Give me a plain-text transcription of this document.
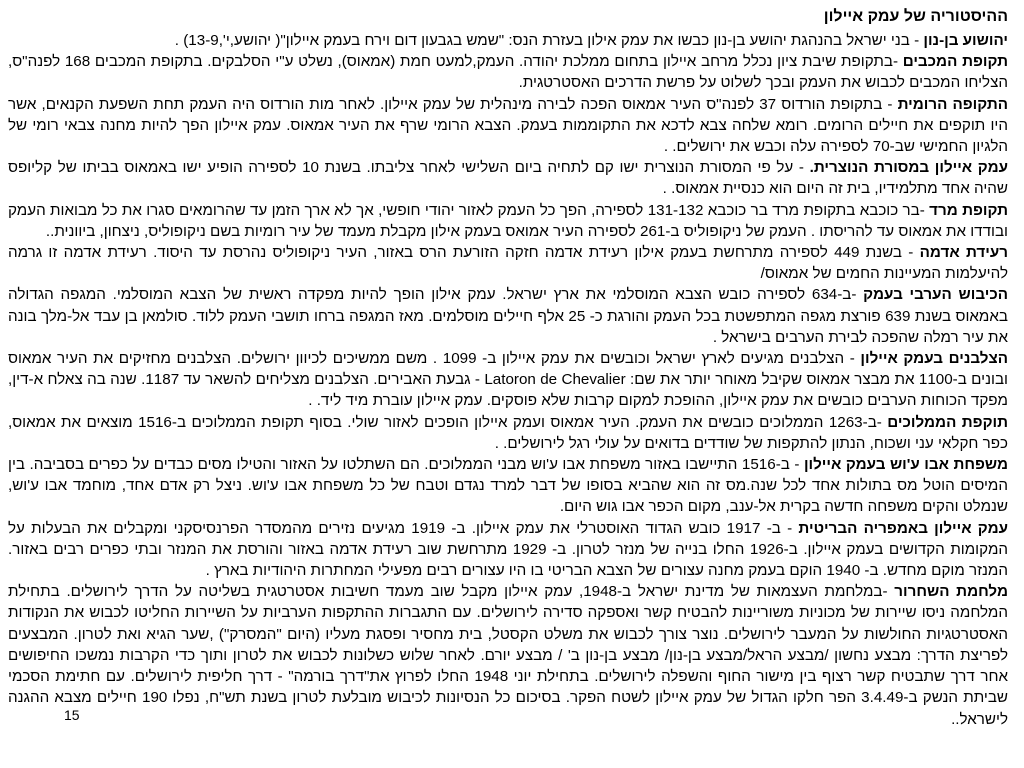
ההיסטוריה של עמק איילון

יהושוע בן-נון - בני ישראל בהנהגת יהושע בן-נון כבשו את עמק אילון בעזרת הנס: "שמש בגבעון דום וירח בעמק איילון"( יהושע,י',13-9) .

תקופת המכבים -בתקופת שיבת ציון נכלל מרחב איילון בתחום ממלכת יהודה. העמק,למעט חמת (אמאוס), נשלט ע"י הסלבקים. בתקופת המכבים 168 לפנה"ס, הצליחו המכבים לכבוש את העמק ובכך לשלוט על פרשת הדרכים האסטרטגית.

התקופה הרומית - בתקופת הורדוס 37 לפנה"ס העיר אמאוס הפכה לבירה מינהלית של עמק איילון. לאחר מות הורדוס היה העמק תחת השפעת הקנאים, אשר היו תוקפים את חיילים הרומים. רומא שלחה צבא לדכא את התקוממות בעמק. הצבא הרומי שרף את העיר אמאוס. עמק איילון הפך להיות מחנה צבאי רומי של הלגיון החמישי שב-70 לספירה עלה וכבש את ירושלים. .

עמק איילון במסורת הנוצרית. - על פי המסורת הנוצרית ישו קם לתחיה ביום השלישי לאחר צליבתו. בשנת 10 לספירה הופיע ישו באמאוס בביתו של קליופס שהיה אחד מתלמידיו, בית זה היום הוא כנסיית אמאוס. .

תקופת מרד -בר כוכבא בתקופת מרד בר כוכבא 131-132 לספירה, הפך כל העמק לאזור יהודי חופשי, אך לא ארך הזמן עד שהרומאים סגרו את כל מבואות העמק ובודדו את אמאוס עד להריסתו . העמק של ניקופוליס ב-261 לספירה העיר אמואס בעמק אילון מקבלת מעמד של עיר רומיות בשם ניקופוליס, ניצחון, ביוונית..

רעידת אדמה - בשנת 449 לספירה מתרחשת בעמק אילון רעידת אדמה חזקה הזורעת הרס באזור, העיר ניקופוליס נהרסת עד היסוד. רעידת אדמה זו גרמה להיעלמות המעיינות החמים של אמאוס/

הכיבוש הערבי בעמק -ב-634 לספירה כובש הצבא המוסלמי את ארץ ישראל. עמק אילון הופך להיות מפקדה ראשית של הצבא המוסלמי. המגפה הגדולה באמאוס בשנת 639 פורצת מגפה המתפשטת בכל העמק והורגת כ- 25 אלף חיילים מוסלמים. מאז המגפה ברחו תושבי העמק ללוד. סולמאן בן עבד אל-מלך בונה את עיר רמלה שהפכה לבירת הערבים בישראל .

הצלבנים בעמק איילון - הצלבנים מגיעים לארץ ישראל וכובשים את עמק איילון ב- 1099 . משם ממשיכים לכיוון ירושלים. הצלבנים מחזיקים את העיר אמאוס ובונים ב-1100 את מבצר אמאוס שקיבל מאוחר יותר את שם: Latoron de Chevalier - גבעת האבירים. הצלבנים מצליחים להשאר עד 1187. שנה בה צאלח א-דין, מפקד הכוחות הערבים כובשים את עמק איילון, ההופכת למקום קרבות שלא פוסקים. עמק איילון עוברת מיד ליד. .

תוקפת הממלוכים -ב-1263 הממלוכים כובשים את העמק. העיר אמאוס ועמק איילון הופכים לאזור שולי. בסוף תקופת הממלוכים ב-1516 מוצאים את אמאוס, כפר חקלאי עני ושכוח, הנתון להתקפות של שודדים בדואים על עולי רגל לירושלים. .

משפחת אבו ע'וש בעמק איילון - ב-1516 התיישבו באזור משפחת אבו ע'וש מבני הממלוכים. הם השתלטו על האזור והטילו מסים כבדים על כפרים בסביבה. בין המיסים הוטל מס בתולות אחד לכל שנה.מס זה הוא שהביא בסופו של דבר למרד נגדם וטבח של כל משפחת אבו ע'וש. ניצל רק אדם אחד, מוחמד אבו ע'וש, שנמלט והקים משפחה חדשה בקרית אל-ענב, מקום הכפר אבו גוש היום.

עמק איילון באמפריה הבריטית - ב- 1917 כובש הגדוד האוסטרלי את עמק איילון. ב- 1919 מגיעים נזירים מהמסדר הפרנסיסקני ומקבלים את הבעלות על המקומות הקדושים בעמק איילון. ב-1926 החלו בנייה של מנזר לטרון. ב- 1929 מתרחשת שוב רעידת אדמה באזור והורסת את המנזר ובתי כפרים רבים באזור. המנזר מוקם מחדש. ב- 1940 הוקם בעמק מחנה עצורים של הצבא הבריטי בו היו עצורים רבים מפעילי המחתרות היהודיות בארץ .

מלחמת השחרור -במלחמת העצמאות של מדינת ישראל ב-1948, עמק איילון מקבל שוב מעמד חשיבות אסטרטגית בשליטה על הדרך לירושלים. בתחילת המלחמה ניסו שיירות של מכוניות משוריינות להבטיח קשר ואספקה סדירה לירושלים. עם התגברות ההתקפות הערביות על השיירות החליטו לכבוש את הנקודות האסטרטגיות החולשות על המעבר לירושלים. נוצר צורך לכבוש את משלט הקסטל, בית מחסיר ופסגת מעליו (היום "המסרק") ,שער הגיא ואת לטרון. המבצעים לפריצת הדרך: מבצע נחשון /מבצע הראל/מבצע בן-נון/ מבצע בן-נון ב' / מבצע יורם. לאחר שלוש כשלונות לכבוש את לטרון ותוך כדי הקרבות נמשכו החיפושים אחר דרך שתבטיח קשר רצוף בין מישור החוף והשפלה לירושלים. בתחילת יוני 1948 החלו לפרוץ את"דרך בורמה" - דרך חליפית לירושלים. עם חתימת הסכמי שביתת הנשק ב-3.4.49 הפר חלקו הגדול של עמק איילון לשטח הפקר. בסיכום כל הנסיונות לכיבוש מובלעת לטרון בשנת תש"ח, נפלו 190 חיילים מצבא ההגנה לישראל..

15
